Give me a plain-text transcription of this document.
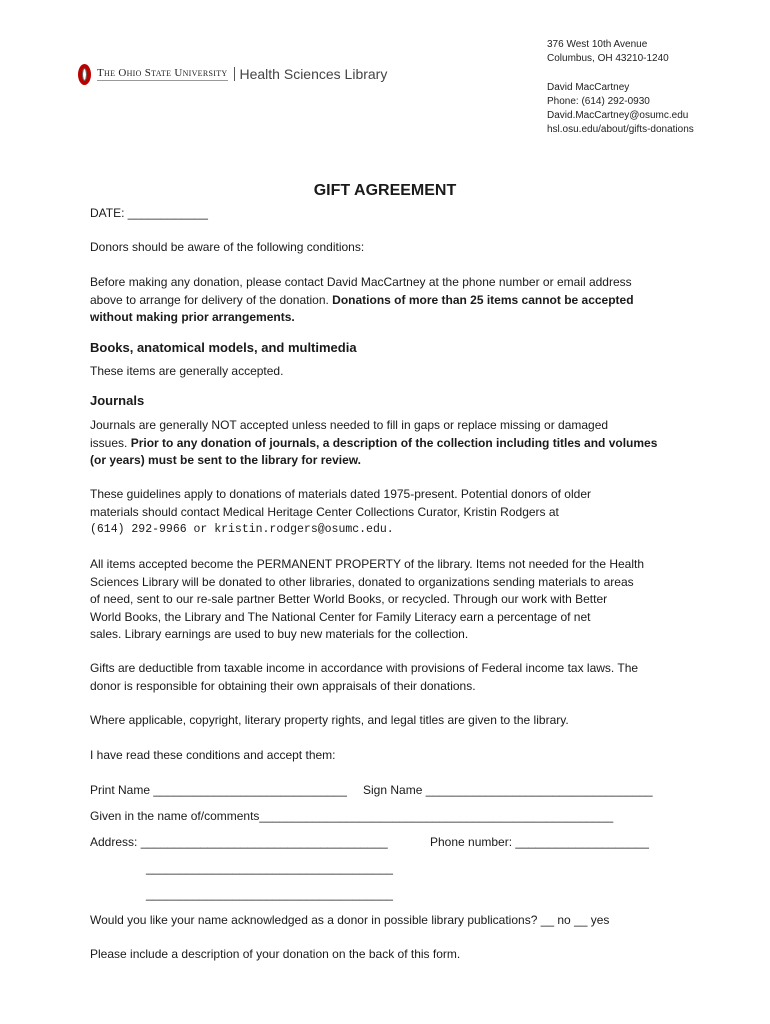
The Ohio State University Health Sciences Library
376 West 10th Avenue
Columbus, OH 43210-1240
David MacCartney
Phone: (614) 292-0930
David.MacCartney@osumc.edu
hsl.osu.edu/about/gifts-donations
GIFT AGREEMENT
DATE: ____________
Donors should be aware of the following conditions:
Before making any donation, please contact David MacCartney at the phone number or email address
above to arrange for delivery of the donation. Donations of more than 25 items cannot be accepted
without making prior arrangements.
Books, anatomical models, and multimedia
These items are generally accepted.
Journals
Journals are generally NOT accepted unless needed to fill in gaps or replace missing or damaged
issues. Prior to any donation of journals, a description of the collection including titles and volumes
(or years) must be sent to the library for review.
These guidelines apply to donations of materials dated 1975-present. Potential donors of older
materials should contact Medical Heritage Center Collections Curator, Kristin Rodgers at
(614) 292-9966 or kristin.rodgers@osumc.edu.
All items accepted become the PERMANENT PROPERTY of the library. Items not needed for the Health
Sciences Library will be donated to other libraries, donated to organizations sending materials to areas
of need, sent to our re-sale partner Better World Books, or recycled. Through our work with Better
World Books, the Library and The National Center for Family Literacy earn a percentage of net
sales. Library earnings are used to buy new materials for the collection.
Gifts are deductible from taxable income in accordance with provisions of Federal income tax laws. The
donor is responsible for obtaining their own appraisals of their donations.
Where applicable, copyright, literary property rights, and legal titles are given to the library.
I have read these conditions and accept them:
Print Name _____________________________ Sign Name __________________________________
Given in the name of/comments_____________________________________________________
Address: _____________________________________	Phone number: ____________________
_____________________________________
_____________________________________
Would you like your name acknowledged as a donor in possible library publications? __ no __ yes
Please include a description of your donation on the back of this form.
